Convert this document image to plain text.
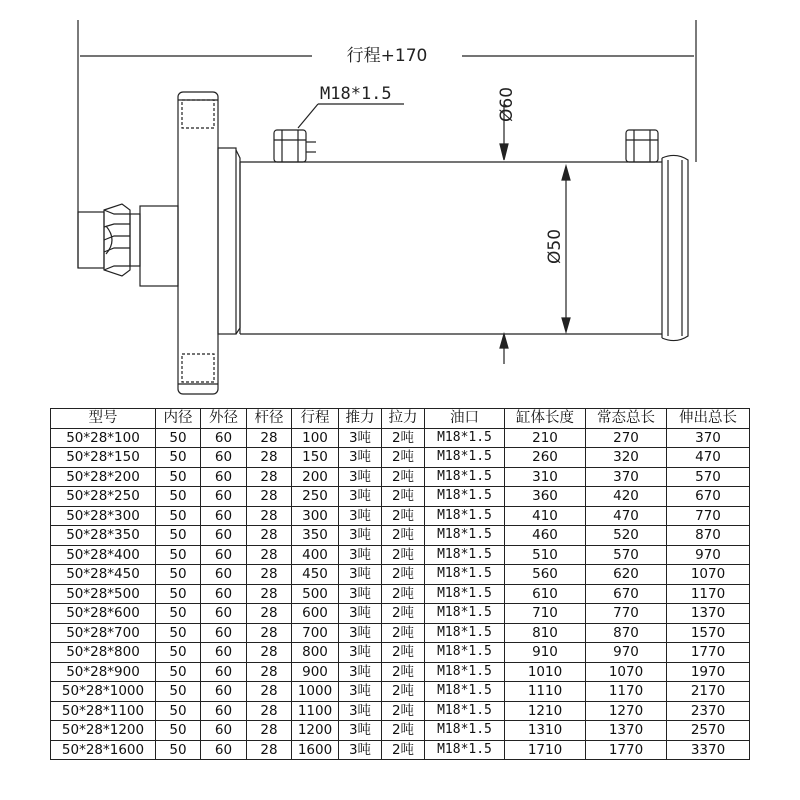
行程+170
M18*1.5	Ø60
Ø50
型号	内径	外径	杆径	行程	推力	拉力	油口	缸体长度	常态总长	伸出总长
50*28*100	50	60	28	100	3吨	2吨	M18*1.5	210	270	370
50*28*150	50	60	28	150	3吨	2吨	M18*1.5	260	320	470
50*28*200	50	60	28	200	3吨	2吨	M18*1.5	310	370	570
50*28*250	50	60	28	250	3吨	2吨	M18*1.5	360	420	670
50*28*300	50	60	28	300	3吨	2吨	M18*1.5	410	470	770
50*28*350	50	60	28	350	3吨	2吨	M18*1.5	460	520	870
50*28*400	50	60	28	400	3吨	2吨	M18*1.5	510	570	970
50*28*450	50	60	28	450	3吨	2吨	M18*1.5	560	620	1070
50*28*500	50	60	28	500	3吨	2吨	M18*1.5	610	670	1170
50*28*600	50	60	28	600	3吨	2吨	M18*1.5	710	770	1370
50*28*700	50	60	28	700	3吨	2吨	M18*1.5	810	870	1570
50*28*800	50	60	28	800	3吨	2吨	M18*1.5	910	970	1770
50*28*900	50	60	28	900	3吨	2吨	M18*1.5	1010	1070	1970
50*28*1000	50	60	28	1000	3吨	2吨	M18*1.5	1110	1170	2170
50*28*1100	50	60	28	1100	3吨	2吨	M18*1.5	1210	1270	2370
50*28*1200	50	60	28	1200	3吨	2吨	M18*1.5	1310	1370	2570
50*28*1600	50	60	28	1600	3吨	2吨	M18*1.5	1710	1770	3370
